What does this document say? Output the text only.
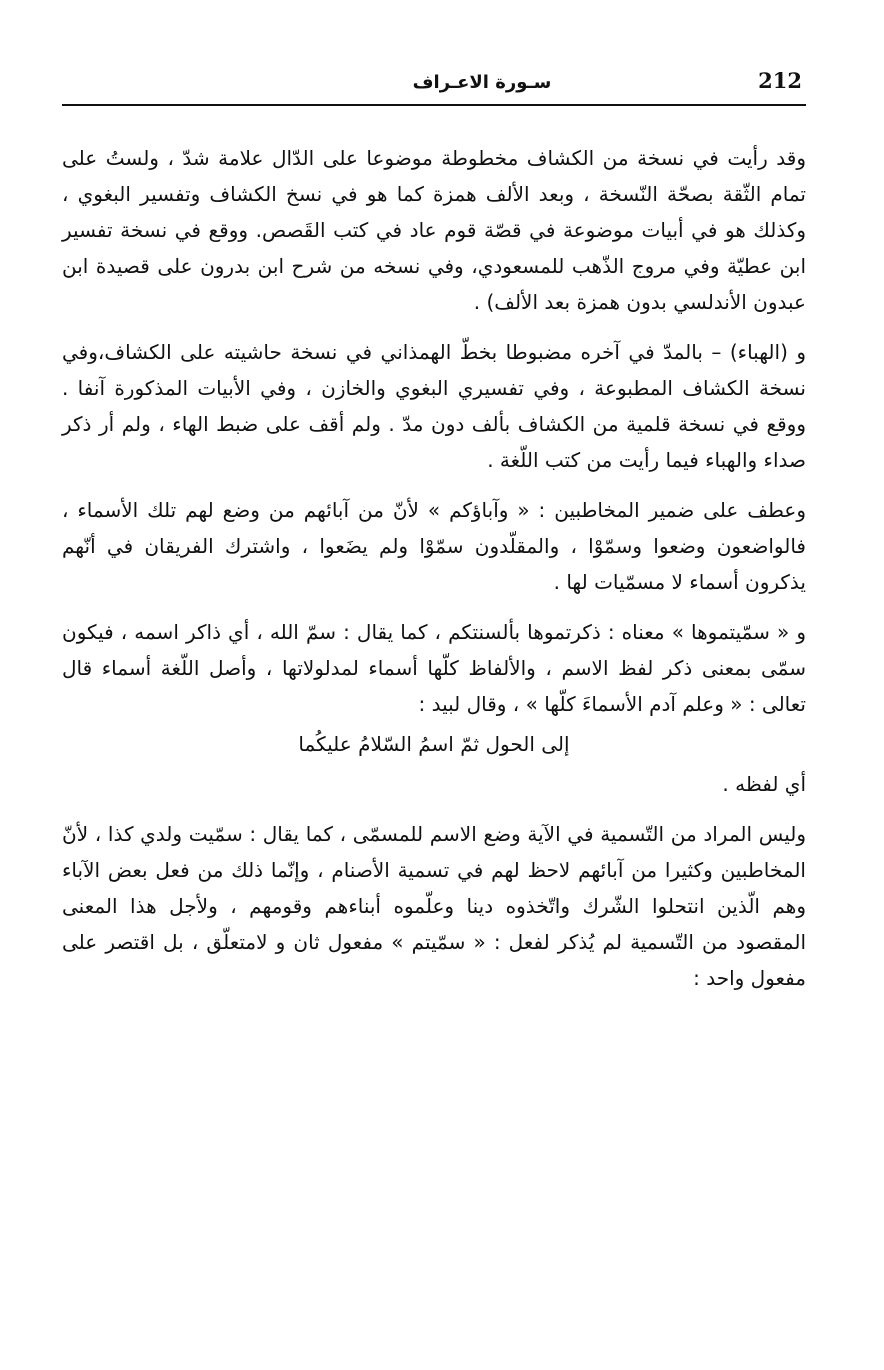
212
سـورة الاعـراف

وقد رأيت في نسخة من الكشاف مخطوطة موضوعا على الدّال علامة شدّ ، ولستُ على تمام الثّقة بصحّة النّسخة ، وبعد الألف همزة كما هو في نسخ الكشاف وتفسير البغوي ، وكذلك هو في أبيات موضوعة في قصّة قوم عاد في كتب القَصص. ووقع في نسخة تفسير ابن عطيّة وفي مروج الذّهب للمسعودي، وفي نسخه من شرح ابن بدرون على قصيدة ابن عبدون الأندلسي بدون همزة بعد الألف) .

و (الهباء) – بالمدّ في آخره مضبوطا بخطّ الهمذاني في نسخة حاشيته على الكشاف،وفي نسخة الكشاف المطبوعة ، وفي تفسيري البغوي والخازن ، وفي الأبيات المذكورة آنفا . ووقع في نسخة قلمية من الكشاف بألف دون مدّ . ولم أقف على ضبط الهاء ، ولم أر ذكر صداء والهباء فيما رأيت من كتب اللّغة .

وعطف على ضمير المخاطبين : « وآباؤكم » لأنّ من آبائهم من وضع لهم تلك الأسماء ، فالواضعون وضعوا وسمّوْا ، والمقلّدون سمّوْا ولم يضَعوا ، واشترك الفريقان في أنّهم يذكرون أسماء لا مسمّيات لها .

و « سمّيتموها » معناه : ذكرتموها بألسنتكم ، كما يقال : سمّ الله ، أي ذاكر اسمه ، فيكون سمّى بمعنى ذكر لفظ الاسم ، والألفاظ كلّها أسماء لمدلولاتها ، وأصل اللّغة أسماء قال تعالى : « وعلم آدم الأسماءَ كلّها » ، وقال لبيد :

إلى الحول ثمّ اسمُ السّلامُ عليكُما

أي لفظه .

وليس المراد من التّسمية في الآية وضع الاسم للمسمّى ، كما يقال : سمّيت ولدي كذا ، لأنّ المخاطبين وكثيرا من آبائهم لاحظ لهم في تسمية الأصنام ، وإنّما ذلك من فعل بعض الآباء وهم الّذين انتحلوا الشّرك واتّخذوه دينا وعلّموه أبناءهم وقومهم ، ولأجل هذا المعنى المقصود من التّسمية لم يُذكر لفعل : « سمّيتم » مفعول ثان و لامتعلّق ، بل اقتصر على مفعول واحد :
